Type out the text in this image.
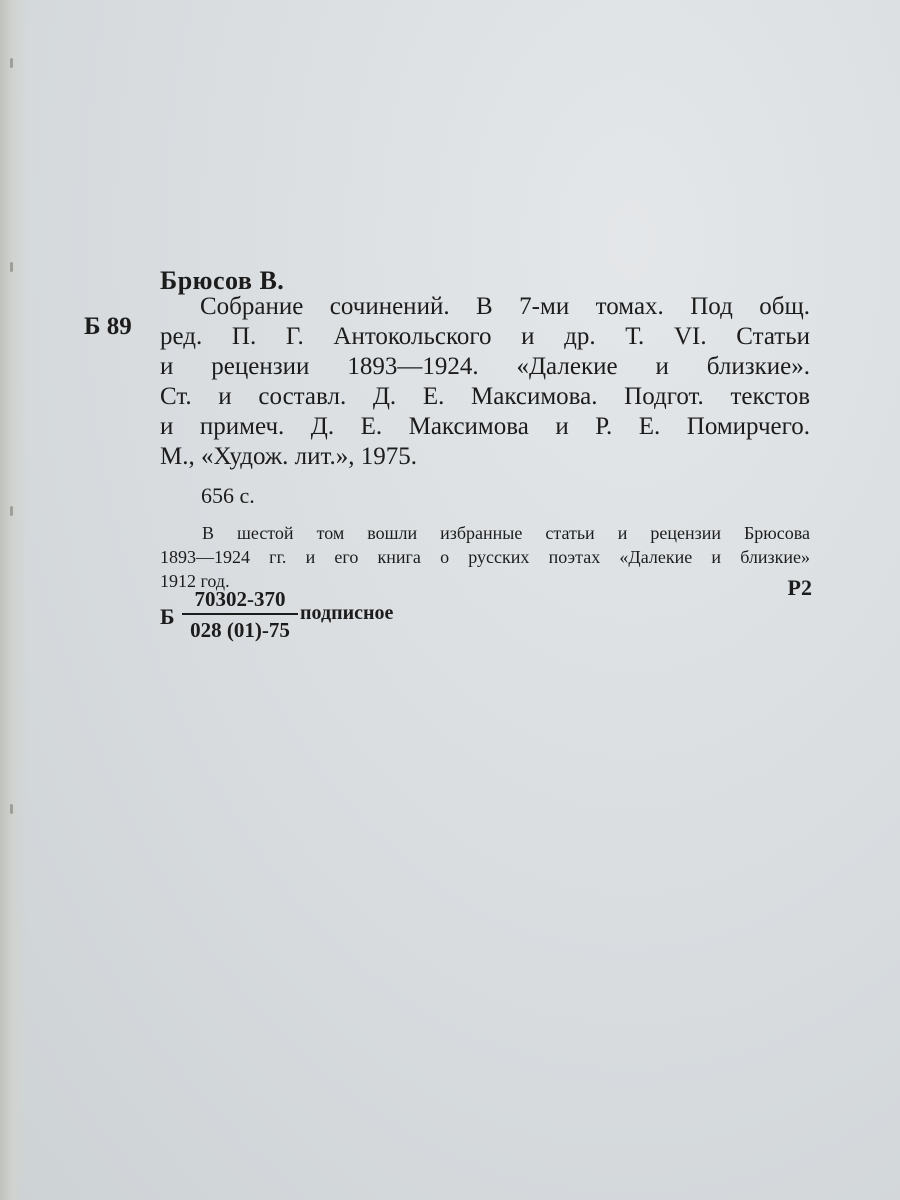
Брюсов В.
Б 89

Собрание сочинений. В 7-ми томах. Под общ.
ред. П. Г. Антокольского и др. Т. VI. Статьи
и рецензии 1893—1924. «Далекие и близкие».
Ст. и составл. Д. Е. Максимова. Подгот. текстов
и примеч. Д. Е. Максимова и Р. Е. Помирчего.
М., «Худож. лит.», 1975.

656 с.

В шестой том вошли избранные статьи и рецензии Брюсова
1893—1924 гг. и его книга о русских поэтах «Далекие и близкие»
1912 год.	Р2
Б
70302-370
028 (01)-75
подписное
